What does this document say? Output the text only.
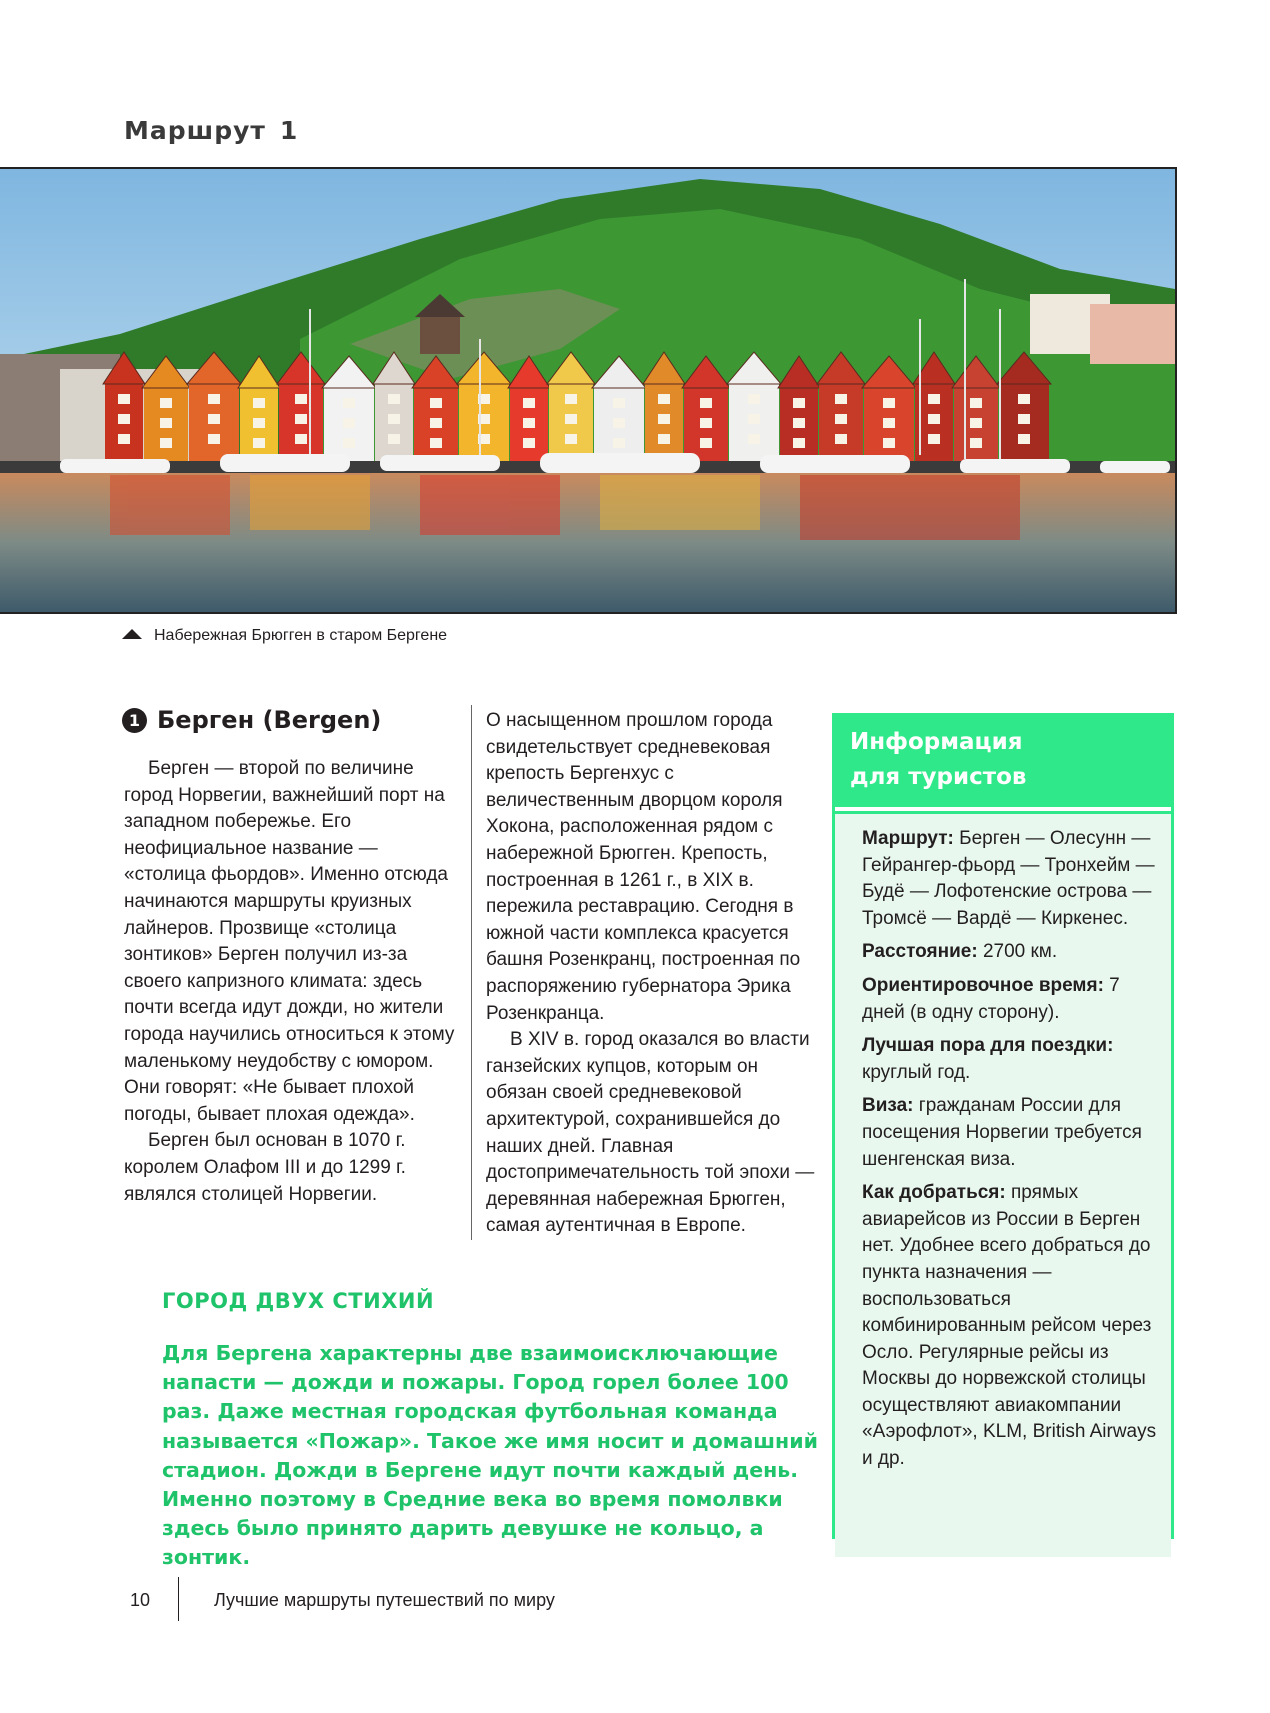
Маршрут 1
Набережная Брюгген в старом Бергене
1 Берген (Bergen)

Берген — второй по величине город Норвегии, важнейший порт на западном побережье. Его неофициальное название — «столица фьордов». Именно отсюда начинаются маршруты круизных лайнеров. Прозвище «столица зонтиков» Берген получил из-за своего капризного климата: здесь почти всегда идут дожди, но жители города научились относиться к этому маленькому неудобству с юмором. Они говорят: «Не бывает плохой погоды, бывает плохая одежда».

Берген был основан в 1070 г. королем Олафом III и до 1299 г. являлся столицей Норвегии.

О насыщенном прошлом города свидетельствует средневековая крепость Бергенхус с величественным дворцом короля Хокона, расположенная рядом с набережной Брюгген. Крепость, построенная в 1261 г., в XIX в. пережила реставрацию. Сегодня в южной части комплекса красуется башня Розенкранц, построенная по распоряжению губернатора Эрика Розенкранца.

В XIV в. город оказался во власти ганзейских купцов, которым он обязан своей средневековой архитектурой, сохранившейся до наших дней. Главная достопримечательность той эпохи — деревянная набережная Брюгген, самая аутентичная в Европе.

Информация
для туристов

Маршрут: Берген — Олесунн — Гейрангер-фьорд — Тронхейм — Будё — Лофотенские острова — Тромсё — Вардё — Киркенес.

Расстояние: 2700 км.

Ориентировочное время: 7 дней (в одну сторону).

Лучшая пора для поездки: круглый год.

Виза: гражданам России для посещения Норвегии требуется шенгенская виза.

Как добраться: прямых авиарейсов из России в Берген нет. Удобнее всего добраться до пункта назначения — воспользоваться комбинированным рейсом через Осло. Регулярные рейсы из Москвы до норвежской столицы осуществляют авиакомпании «Аэрофлот», KLM, British Airways и др.

ГОРОД ДВУХ СТИХИЙ
Для Бергена характерны две взаимоисключающие напасти — дожди и пожары. Город горел более 100 раз. Даже местная городская футбольная команда называется «Пожар». Такое же имя носит и домашний стадион. Дожди в Бергене идут почти каждый день. Именно поэтому в Средние века во время помолвки здесь было принято дарить девушке не кольцо, а зонтик.
10	Лучшие маршруты путешествий по миру
